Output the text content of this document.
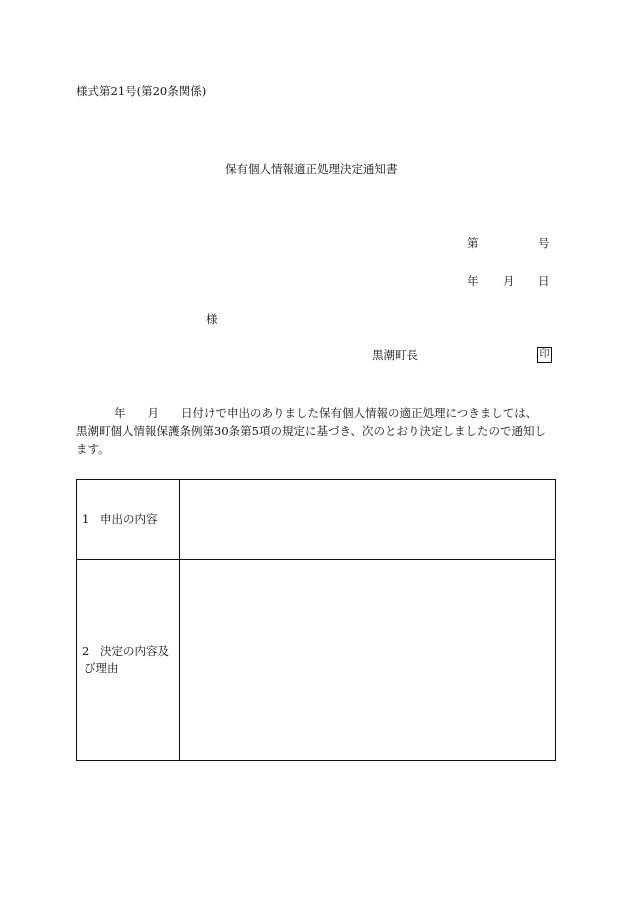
様式第21号(第20条関係)
保有個人情報適正処理決定通知書
第	号
年 月 日
様
黒潮町長	印
年 月 日付けで申出のありました保有個人情報の適正処理につきましては、
黒潮町個人情報保護条例第30条第5項の規定に基づき、次のとおり決定しましたので通知し
ます。
1 申出の内容	

2 決定の内容及
び理由	
